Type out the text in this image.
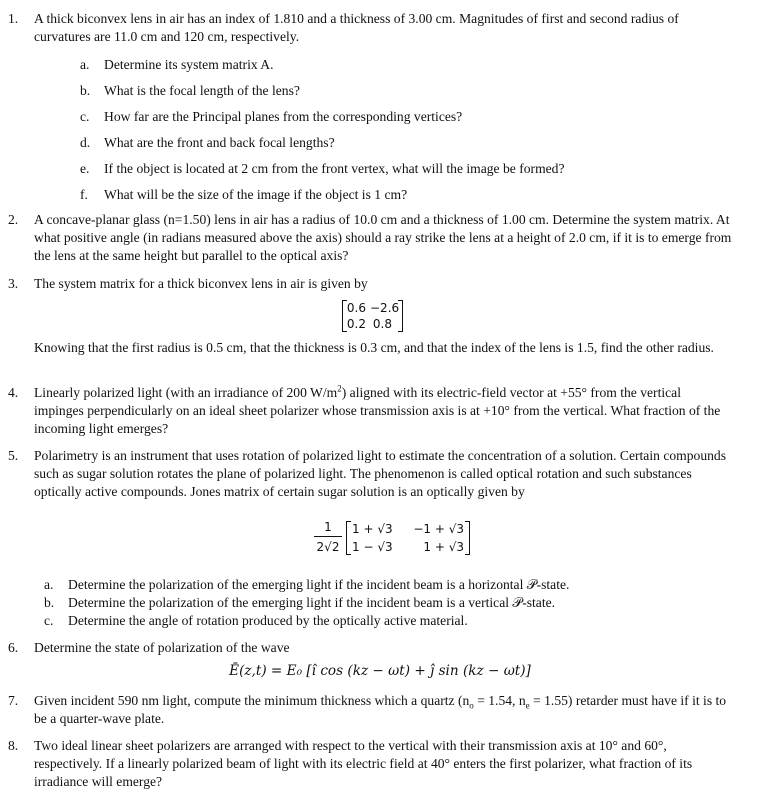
1.	A thick biconvex lens in air has an index of 1.810 and a thickness of 3.00 cm. Magnitudes of first and second radius of curvatures are 11.0 cm and 120 cm, respectively.
a.	Determine its system matrix A.
b.	What is the focal length of the lens?
c.	How far are the Principal planes from the corresponding vertices?
d.	What are the front and back focal lengths?
e.	If the object is located at 2 cm from the front vertex, what will the image be formed?
f.	What will be the size of the image if the object is 1 cm?
2.	A concave-planar glass (n=1.50) lens in air has a radius of 10.0 cm and a thickness of 1.00 cm. Determine the system matrix. At what positive angle (in radians measured above the axis) should a ray strike the lens at a height of 2.0 cm, if it is to emerge from the lens at the same height but parallel to the optical axis?
3.	The system matrix for a thick biconvex lens in air is given by
0.6 −2.6
0.2 0.8
Knowing that the first radius is 0.5 cm, that the thickness is 0.3 cm, and that the index of the lens is 1.5, find the other radius.
4.	Linearly polarized light (with an irradiance of 200 $W/m^2$) aligned with its electric-field vector at +55° from the vertical impinges perpendicularly on an ideal sheet polarizer whose transmission axis is at +10° from the vertical. What fraction of the incoming light emerges?
5.	Polarimetry is an instrument that uses rotation of polarized light to estimate the concentration of a solution. Certain compounds such as sugar solution rotates the plane of polarized light. The phenomenon is called optical rotation and such substances optically active compounds. Jones matrix of certain sugar solution is an optically given by
1
2√2
1 + √3	−1 + √3
1 − √3	1 + √3
a.	Determine the polarization of the emerging light if the incident beam is a horizontal 𝒫-state.
b.	Determine the polarization of the emerging light if the incident beam is a vertical 𝒫-state.
c.	Determine the angle of rotation produced by the optically active material.
6.	Determine the state of polarization of the wave
Ē(z,t) = E₀ [î cos (kz − ωt) + ĵ sin (kz − ωt)]
7.	Given incident 590 nm light, compute the minimum thickness which a quartz ($n_o = 1.54$, $n_e = 1.55$) retarder must have if it is to be a quarter-wave plate.
8.	Two ideal linear sheet polarizers are arranged with respect to the vertical with their transmission axis at 10° and 60°, respectively. If a linearly polarized beam of light with its electric field at 40° enters the first polarizer, what fraction of its irradiance will emerge?
